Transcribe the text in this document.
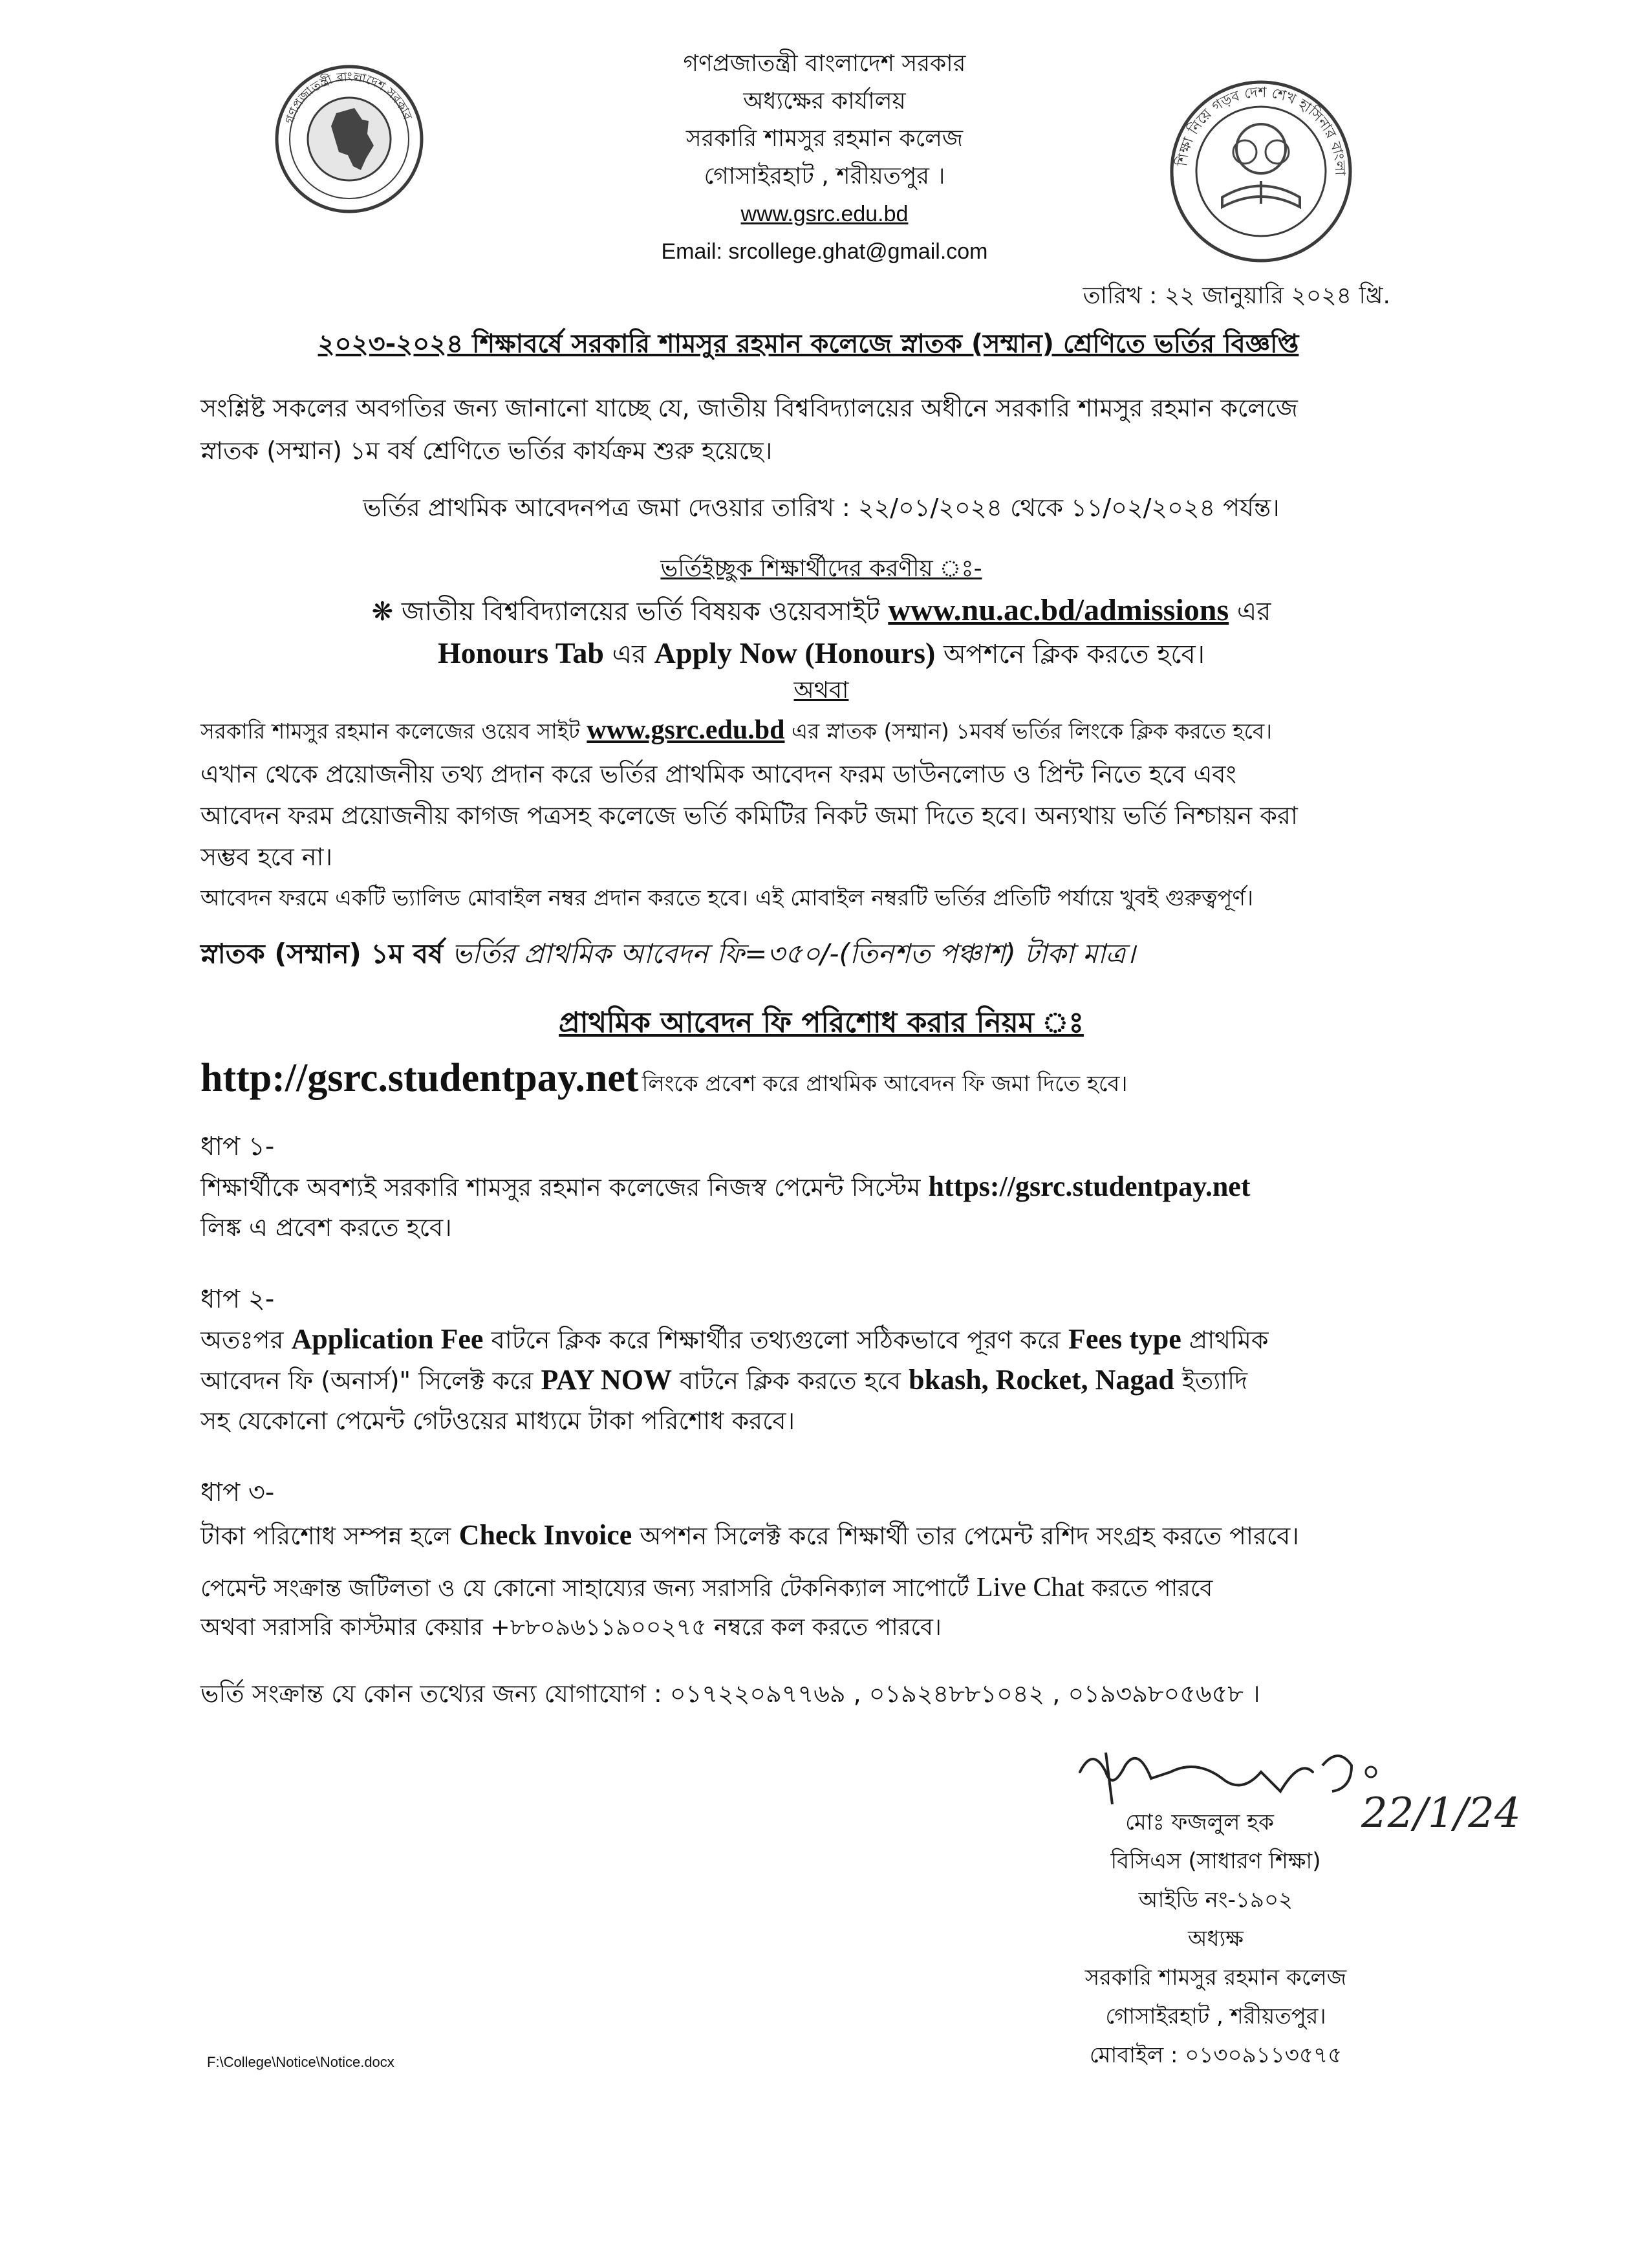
গণপ্রজাতন্ত্রী বাংলাদেশ সরকার
শিক্ষা নিয়ে গড়ব দেশ শেখ হাসিনার বাংলা
গণপ্রজাতন্ত্রী বাংলাদেশ সরকার
অধ্যক্ষের কার্যালয়
সরকারি শামসুর রহমান কলেজ
গোসাইরহাট , শরীয়তপুর ।
www.gsrc.edu.bd
Email: srcollege.ghat@gmail.com
তারিখ : ২২ জানুয়ারি ২০২৪ খ্রি.
২০২৩-২০২৪ শিক্ষাবর্ষে সরকারি শামসুর রহমান কলেজে স্নাতক (সম্মান) শ্রেণিতে ভর্তির বিজ্ঞপ্তি
সংশ্লিষ্ট সকলের অবগতির জন্য জানানো যাচ্ছে যে, জাতীয় বিশ্ববিদ্যালয়ের অধীনে সরকারি শামসুর রহমান কলেজে
স্নাতক (সম্মান) ১ম বর্ষ শ্রেণিতে ভর্তির কার্যক্রম শুরু হয়েছে।
ভর্তির প্রাথমিক আবেদনপত্র জমা দেওয়ার তারিখ : ২২/০১/২০২৪ থেকে ১১/০২/২০২৪ পর্যন্ত।
ভর্তিইচ্ছুক শিক্ষার্থীদের করণীয় ঃ-
❋ জাতীয় বিশ্ববিদ্যালয়ের ভর্তি বিষয়ক ওয়েবসাইট www.nu.ac.bd/admissions এর
Honours Tab এর Apply Now (Honours) অপশনে ক্লিক করতে হবে।
অথবা
সরকারি শামসুর রহমান কলেজের ওয়েব সাইট www.gsrc.edu.bd এর স্নাতক (সম্মান) ১মবর্ষ ভর্তির লিংকে ক্লিক করতে হবে।
এখান থেকে প্রয়োজনীয় তথ্য প্রদান করে ভর্তির প্রাথমিক আবেদন ফরম ডাউনলোড ও প্রিন্ট নিতে হবে এবং
আবেদন ফরম প্রয়োজনীয় কাগজ পত্রসহ কলেজে ভর্তি কমিটির নিকট জমা দিতে হবে। অন্যথায় ভর্তি নিশ্চায়ন করা
সম্ভব হবে না।
আবেদন ফরমে একটি ভ্যালিড মোবাইল নম্বর প্রদান করতে হবে। এই মোবাইল নম্বরটি ভর্তির প্রতিটি পর্যায়ে খুবই গুরুত্বপূর্ণ।
স্নাতক (সম্মান) ১ম বর্ষ ভর্তির প্রাথমিক আবেদন ফি=৩৫০/-(তিনশত পঞ্চাশ) টাকা মাত্র।
প্রাথমিক আবেদন ফি পরিশোধ করার নিয়ম ঃ
http://gsrc.studentpay.net লিংকে প্রবেশ করে প্রাথমিক আবেদন ফি জমা দিতে হবে।
ধাপ ১-
শিক্ষার্থীকে অবশ্যই সরকারি শামসুর রহমান কলেজের নিজস্ব পেমেন্ট সিস্টেম https://gsrc.studentpay.net
লিঙ্ক এ প্রবেশ করতে হবে।
ধাপ ২-
অতঃপর Application Fee বাটনে ক্লিক করে শিক্ষার্থীর তথ্যগুলো সঠিকভাবে পূরণ করে Fees type প্রাথমিক
আবেদন ফি (অনার্স)" সিলেক্ট করে PAY NOW বাটনে ক্লিক করতে হবে bkash, Rocket, Nagad ইত্যাদি
সহ যেকোনো পেমেন্ট গেটওয়ের মাধ্যমে টাকা পরিশোধ করবে।
ধাপ ৩-
টাকা পরিশোধ সম্পন্ন হলে Check Invoice অপশন সিলেক্ট করে শিক্ষার্থী তার পেমেন্ট রশিদ সংগ্রহ করতে পারবে।
পেমেন্ট সংক্রান্ত জটিলতা ও যে কোনো সাহায্যের জন্য সরাসরি টেকনিক্যাল সাপোর্টে Live Chat করতে পারবে
অথবা সরাসরি কাস্টমার কেয়ার +৮৮০৯৬১১৯০০২৭৫ নম্বরে কল করতে পারবে।
ভর্তি সংক্রান্ত যে কোন তথ্যের জন্য যোগাযোগ : ০১৭২২০৯৭৭৬৯ , ০১৯২৪৮৮১০৪২ , ০১৯৩৯৮০৫৬৫৮ ।
22/1/24
মোঃ ফজলুল হক
বিসিএস (সাধারণ শিক্ষা)
আইডি নং-১৯০২
অধ্যক্ষ
সরকারি শামসুর রহমান কলেজ
গোসাইরহাট , শরীয়তপুর।
মোবাইল : ০১৩০৯১১৩৫৭৫
F:\College\Notice\Notice.docx
